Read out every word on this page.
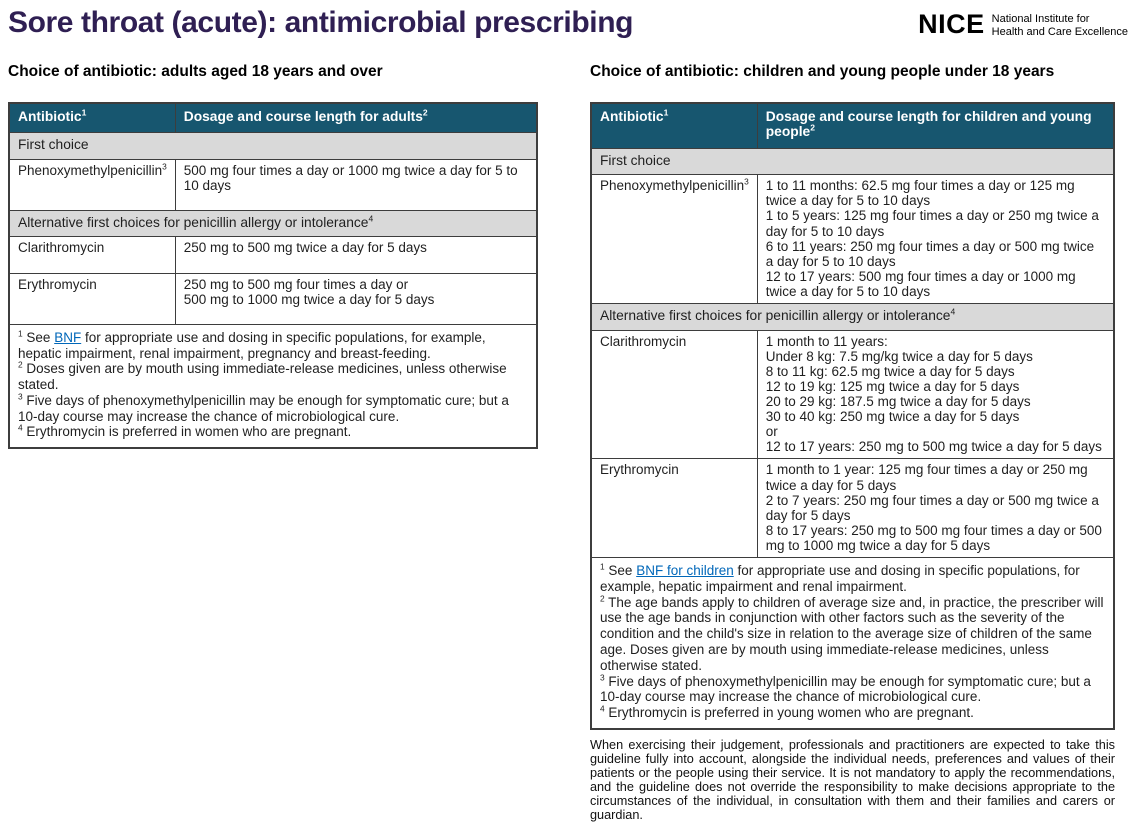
Sore throat (acute): antimicrobial prescribing	NICE National Institute for
Health and Care Excellence
Choice of antibiotic: adults aged 18 years and over
Antibiotic$^1$	Dosage and course length for adults$^2$
First choice	
Phenoxymethylpenicillin$^3$	500 mg four times a day or 1000 mg twice a day for 5 to 10 days

Alternative first choices for penicillin allergy or intolerance$^4$
Clarithromycin	250 mg to 500 mg twice a day for 5 days

Erythromycin	250 mg to 500 mg four times a day or
500 mg to 1000 mg twice a day for 5 days

$^1$ See BNF for appropriate use and dosing in specific populations, for example, hepatic impairment, renal impairment, pregnancy and breast-feeding.
$^2$ Doses given are by mouth using immediate-release medicines, unless otherwise stated.
$^3$ Five days of phenoxymethylpenicillin may be enough for symptomatic cure; but a 10-day course may increase the chance of microbiological cure.
$^4$ Erythromycin is preferred in women who are pregnant.	
Choice of antibiotic: children and young people under 18 years
Antibiotic$^1$	Dosage and course length for children and young people$^2$
First choice	
Phenoxymethylpenicillin$^3$	1 to 11 months: 62.5 mg four times a day or 125 mg twice a day for 5 to 10 days
1 to 5 years: 125 mg four times a day or 250 mg twice a day for 5 to 10 days
6 to 11 years: 250 mg four times a day or 500 mg twice a day for 5 to 10 days
12 to 17 years: 500 mg four times a day or 1000 mg twice a day for 5 to 10 days

Alternative first choices for penicillin allergy or intolerance$^4$
Clarithromycin	1 month to 11 years:
Under 8 kg: 7.5 mg/kg twice a day for 5 days
8 to 11 kg: 62.5 mg twice a day for 5 days
12 to 19 kg: 125 mg twice a day for 5 days
20 to 29 kg: 187.5 mg twice a day for 5 days
30 to 40 kg: 250 mg twice a day for 5 days
or
12 to 17 years: 250 mg to 500 mg twice a day for 5 days

Erythromycin	1 month to 1 year: 125 mg four times a day or 250 mg twice a day for 5 days
2 to 7 years: 250 mg four times a day or 500 mg twice a day for 5 days
8 to 17 years: 250 mg to 500 mg four times a day or 500 mg to 1000 mg twice a day for 5 days

$^1$ See BNF for children for appropriate use and dosing in specific populations, for example, hepatic impairment and renal impairment.
$^2$ The age bands apply to children of average size and, in practice, the prescriber will use the age bands in conjunction with other factors such as the severity of the condition and the child's size in relation to the average size of children of the same age. Doses given are by mouth using immediate-release medicines, unless otherwise stated.
$^3$ Five days of phenoxymethylpenicillin may be enough for symptomatic cure; but a 10-day course may increase the chance of microbiological cure.
$^4$ Erythromycin is preferred in young women who are pregnant.	

When exercising their judgement, professionals and practitioners are expected to take this guideline fully into account, alongside the individual needs, preferences and values of their patients or the people using their service. It is not mandatory to apply the recommendations, and the guideline does not override the responsibility to make decisions appropriate to the circumstances of the individual, in consultation with them and their families and carers or guardian.
